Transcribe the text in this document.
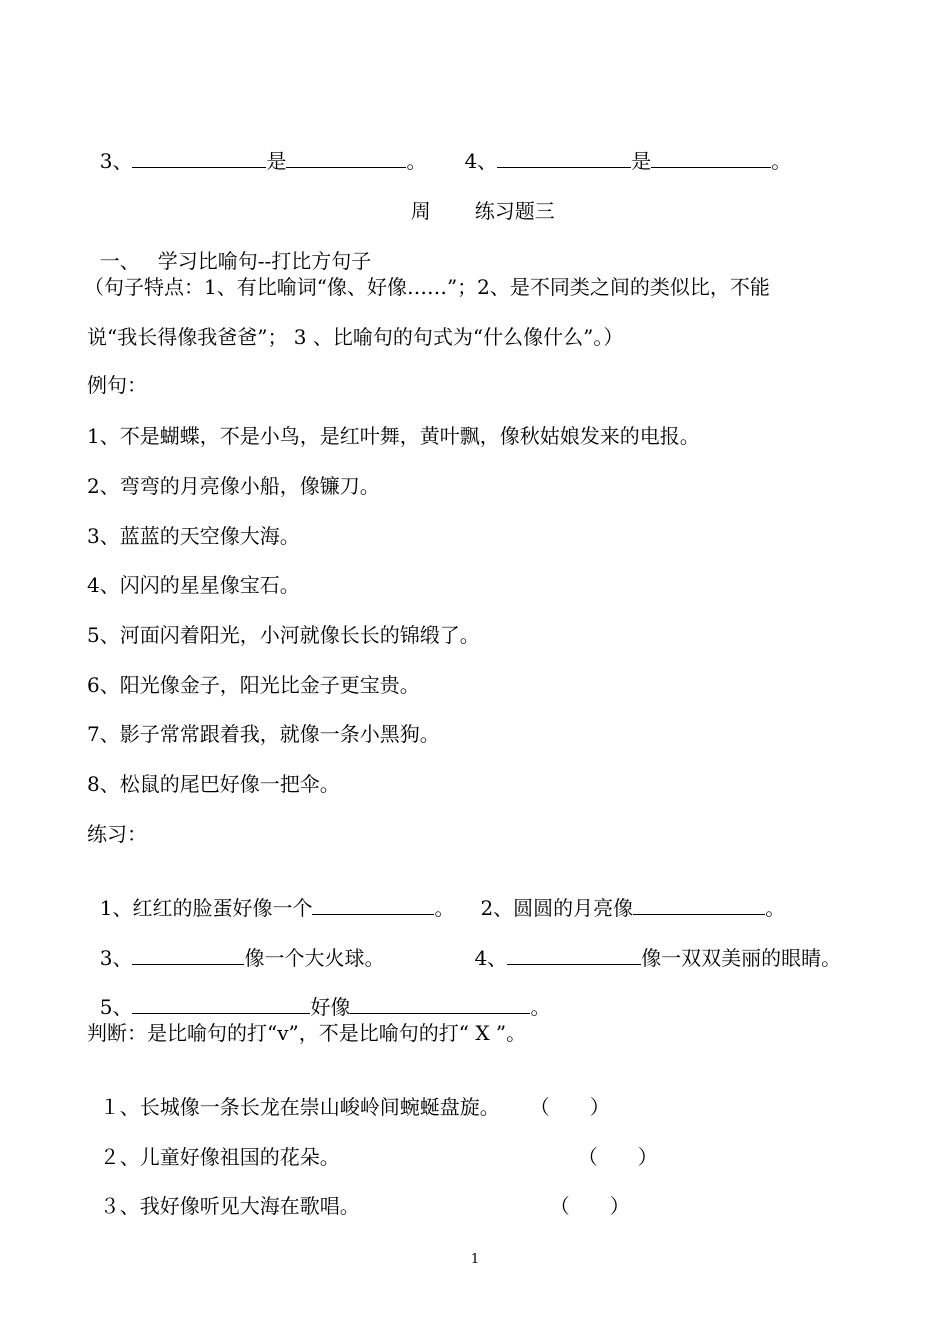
3、	是	。 4、	是	。

周 练习题三

一、 学习比喻句--打比方句子

（句子特点：1、有比喻词“像、好像……”；2、是不同类之间的类似比，不能
说“我长得像我爸爸”； 3 、比喻句的句式为“什么像什么”。）
例句：
1、不是蝴蝶，不是小鸟，是红叶舞，黄叶飘，像秋姑娘发来的电报。
2、弯弯的月亮像小船，像镰刀。
3、蓝蓝的天空像大海。
4、闪闪的星星像宝石。
5、河面闪着阳光，小河就像长长的锦缎了。
6、阳光像金子，阳光比金子更宝贵。
7、影子常常跟着我，就像一条小黑狗。
8、松鼠的尾巴好像一把伞。
练习：

1、红红的脸蛋好像一个	。 2、圆圆的月亮像	。

3、	像一个大火球。	4、	像一双双美丽的眼睛。

5、	好像	。

判断：是比喻句的打“v”，不是比喻句的打“ X ”。

１、长城像一条长龙在崇山峻岭间蜿蜒盘旋。 （　　）

２、儿童好像祖国的花朵。	（　　）

３、我好像听见大海在歌唱。	（　　）

1
